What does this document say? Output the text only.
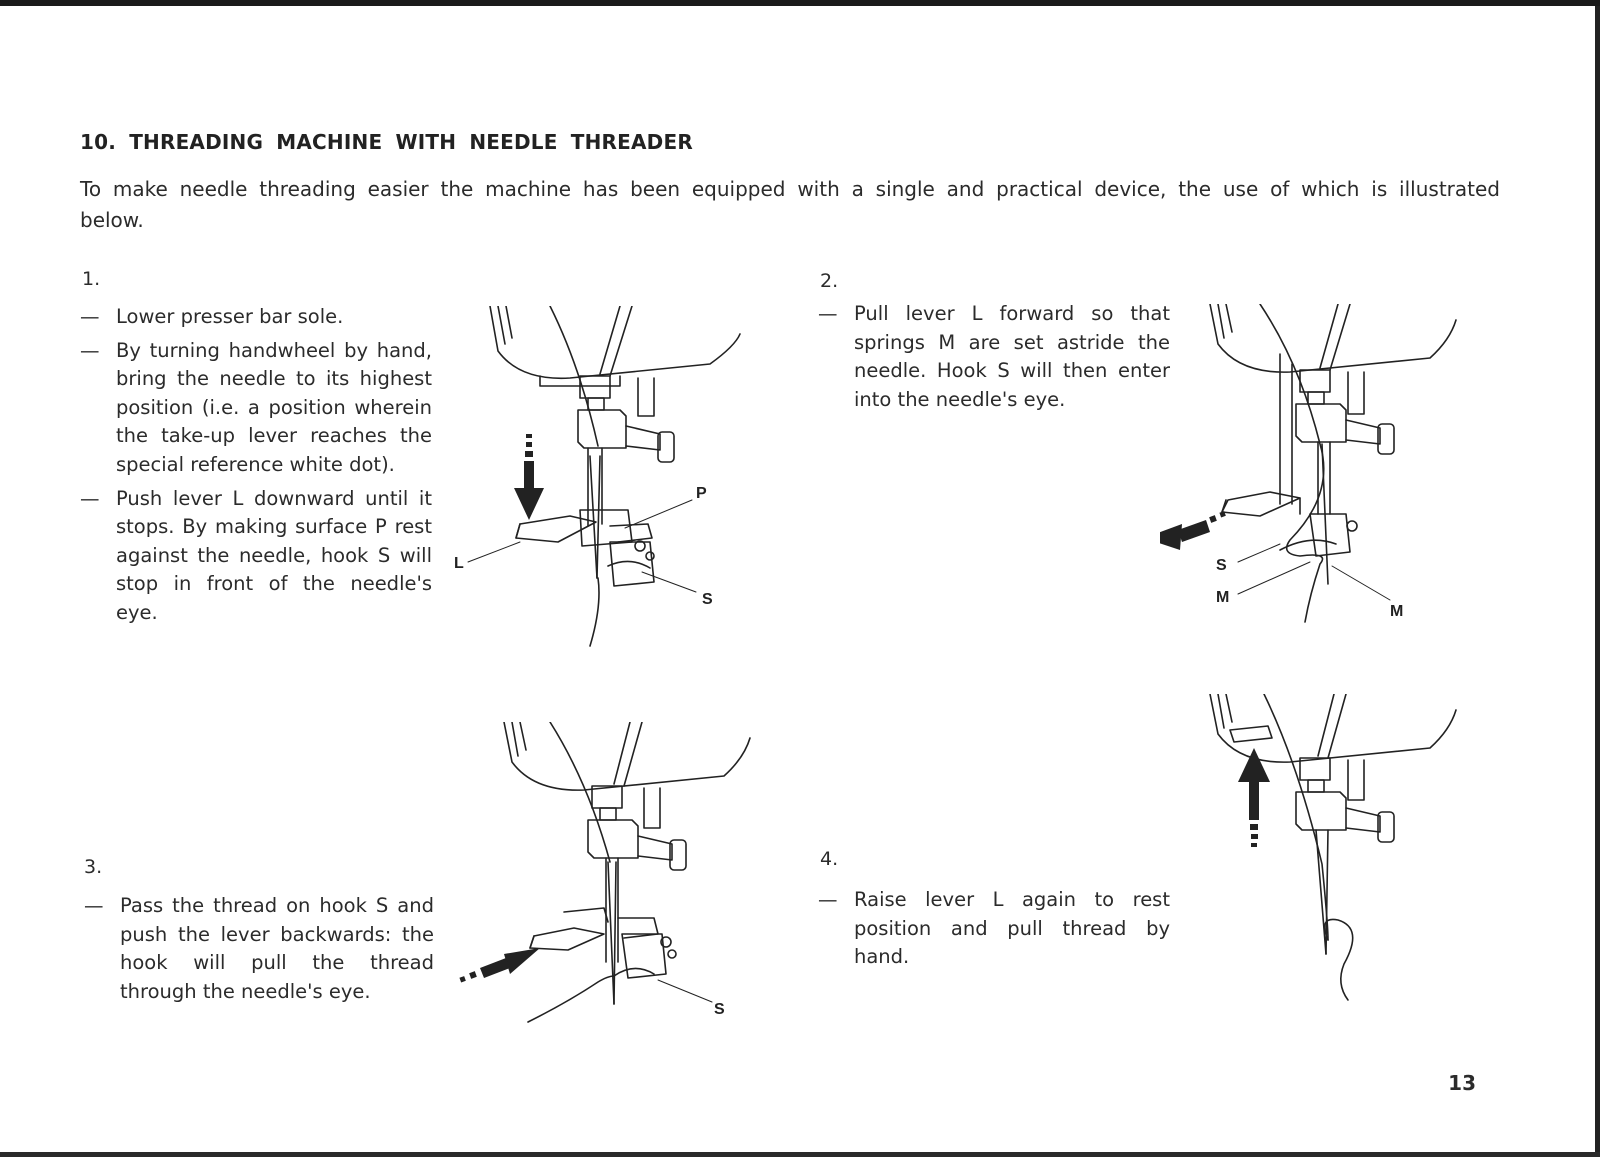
10. THREADING MACHINE WITH NEEDLE THREADER

To make needle threading easier the machine has been equipped with a single and practical device, the use of which is illustrated below.

1.

— Lower presser bar sole.
— By turning handwheel by hand, bring the needle to its highest position (i.e. a position wherein the take-up lever reaches the special reference white dot).
— Push lever L downward until it stops. By making surface P rest against the needle, hook S will stop in front of the needle's eye.

2.

— Pull lever L forward so that springs M are set astride the needle. Hook S will then enter into the needle's eye.

3.

— Pass the thread on hook S and push the lever backwards: the hook will pull the thread through the needle's eye.

4.

— Raise lever L again to rest position and pull thread by hand.
P
L
S
S
M
M
S

13
